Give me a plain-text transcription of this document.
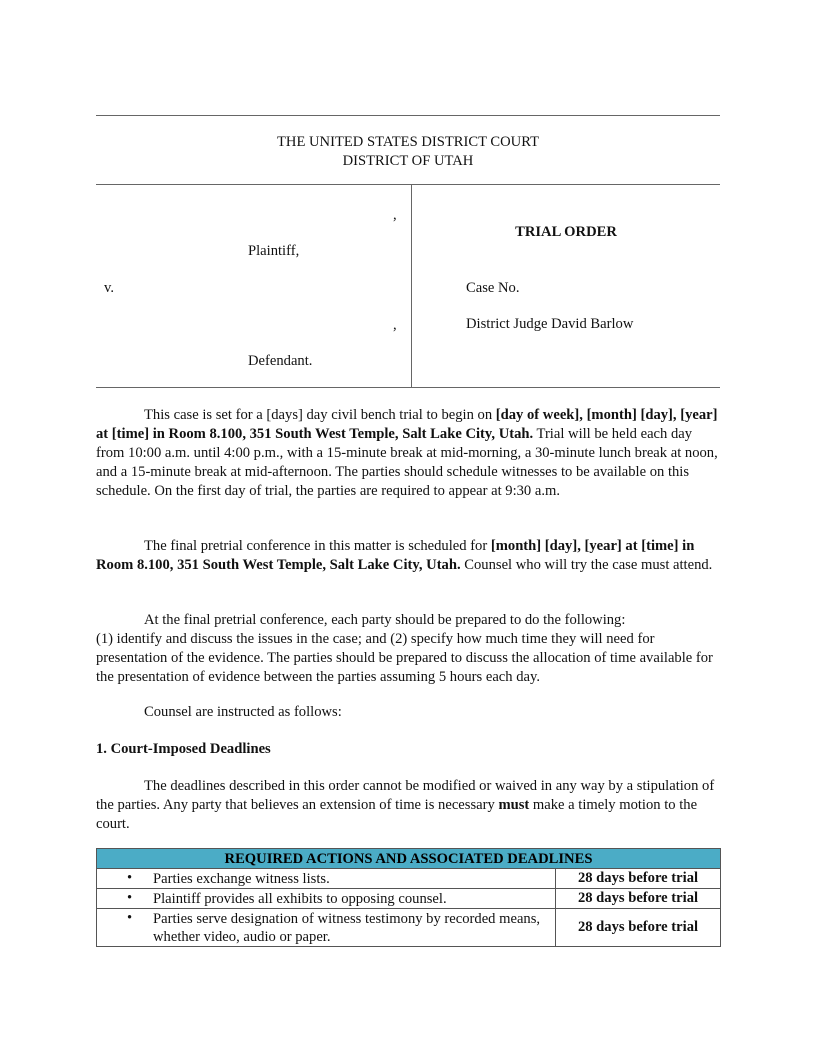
THE UNITED STATES DISTRICT COURT
DISTRICT OF UTAH
,
Plaintiff,
v.
,
Defendant.
TRIAL ORDER
Case No.
District Judge David Barlow

This case is set for a [days] day civil bench trial to begin on [day of week], [month] [day], [year] at [time] in Room 8.100, 351 South West Temple, Salt Lake City, Utah. Trial will be held each day from 10:00 a.m. until 4:00 p.m., with a 15-minute break at mid-morning, a 30-minute lunch break at noon, and a 15-minute break at mid-afternoon. The parties should schedule witnesses to be available on this schedule. On the first day of trial, the parties are required to appear at 9:30 a.m.

The final pretrial conference in this matter is scheduled for [month] [day], [year] at [time] in Room 8.100, 351 South West Temple, Salt Lake City, Utah. Counsel who will try the case must attend.

At the final pretrial conference, each party should be prepared to do the following:
(1) identify and discuss the issues in the case; and (2) specify how much time they will need for presentation of the evidence. The parties should be prepared to discuss the allocation of time available for the presentation of evidence between the parties assuming 5 hours each day.

Counsel are instructed as follows:

1. Court-Imposed Deadlines

The deadlines described in this order cannot be modified or waived in any way by a stipulation of the parties. Any party that believes an extension of time is necessary must make a timely motion to the court.

REQUIRED ACTIONS AND ASSOCIATED DEADLINES	

• Parties exchange witness lists.	28 days before trial

• Plaintiff provides all exhibits to opposing counsel.	28 days before trial

• Parties serve designation of witness testimony by recorded means, whether video, audio or paper.	28 days before trial
